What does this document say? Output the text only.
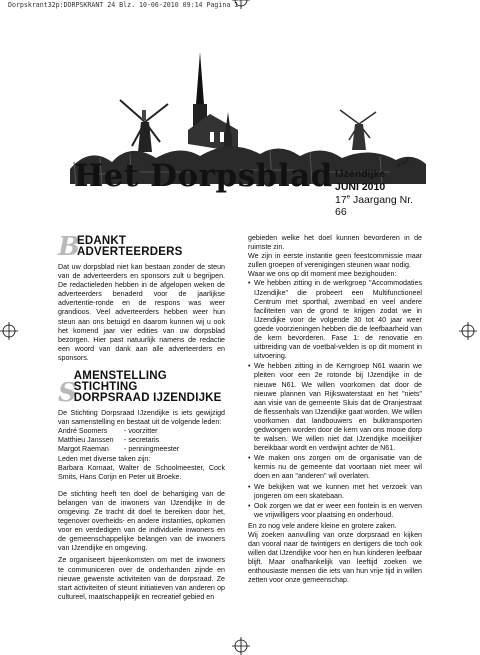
Dorpskrant32p:DORPSKRANT 24 Blz. 10-06-2010 09:14 Pagina 1
Het Dorpsblad IJzendijke
JUNI 2010
17e Jaargang Nr. 66
actief
B
EDANKT ADVERTEERDERS

Dat uw dorpsblad niet kan bestaan zonder de steun van de adverteerders en sponsors zult u begrijpen. De redactieleden hebben in de afgelopen weken de adverteerders benaderd voor de jaarlijkse advertentie-ronde en de respons was weer grandioos. Veel adverteerders hebben weer hun steun aan ons betuigd en daarom kunnen wij u ook het komend jaar vier edities van uw dorpsblad bezorgen. Hier past natuurlijk namens de redactie een woord van dank aan alle adverteerders en sponsors.

S
AMENSTELLING STICHTING
DORPSRAAD IJZENDIJKE

De Stichting Dorpsraad IJzendijke is iets gewijzigd van samenstelling en bestaat uit de volgende leden:

André Soomers	- voorzitter
Matthieu Janssen	- secretaris
Margot Raeman	- penningmeester

Leden met diverse taken zijn:

Barbara Kornaat, Walter de Schoolmeester, Cock Smits, Hans Corijn en Peter uit Broeke.

De stichting heeft ten doel de behartiging van de belangen van de inwoners van IJzendijke in de omgeving. Ze tracht dit doel te bereiken door het, tegenover overheids- en andere instanties, opkomen voor en verdedigen van de individuele inwoners en de gemeenschappelijke belangen van de inwoners van IJzendijke en omgeving.

Ze organiseert bijeenkomsten om met de inwoners te communiceren over de onderhanden zijnde en nieuwe gewenste activiteiten van de dorpsraad. Ze start activiteiten of steunt initiatieven van anderen op cultureel, maatschappelijk en recreatief gebied en

gebieden welke het doel kunnen bevorderen in de ruimste zin.

We zijn in eerste instantie geen feestcommissie maar zullen groepen of verenigingen steunen waar nodig.

Waar we ons op dit moment mee bezighouden:

• We hebben zitting in de werkgroep "Accommodaties IJzendijke" die probeert een Multifunctioneel Centrum met sporthal, zwembad en veel andere faciliteiten van de grond te krijgen zodat we in IJzendijke voor de volgende 30 tot 40 jaar weer goede voorzieningen hebben die de leefbaarheid van de kern bevorderen. Fase 1: de renovatie en uitbreiding van de voetbal-velden is op dit moment in uitvoering.
• We hebben zitting in de Kerngroep N61 waarin we pleiten voor een 2e rotonde bij IJzendijke in de nieuwe N61. We willen voorkomen dat door de nieuwe plannen van Rijkswaterstaat en het "niets" aan visie van de gemeente Sluis dat de Oranjestraat de flessenhals van IJzendijke gaat worden. We willen voorkomen dat landbouwers en bulktransporten gedwongen worden door de kern van ons mooie dorp te walsen. We willen niet dat IJzendijke moeilijker bereikbaar wordt en verdwijnt achter de N61.
• We maken ons zorgen om de organisatie van de kermis nu de gemeente dat voortaan niet meer wil doen en aan "anderen" wil overlaten.
• We bekijken wat we kunnen met het verzoek van jongeren om een skatebaan.
• Ook zorgen we dat er weer een fontein is en werven we vrijwilligers voor plaatsing en onderhoud.

En zo nog vele andere kleine en grotere zaken.

Wij zoeken aanvulling van onze dorpsraad en kijken dan vooral naar de twintigers en dertigers die toch ook willen dat IJzendijke voor hen en hun kinderen leefbaar blijft. Maar onafhankelijk van leeftijd zoeken we enthousiaste mensen die iets van hun vrije tijd in willen zetten voor onze gemeenschap.
